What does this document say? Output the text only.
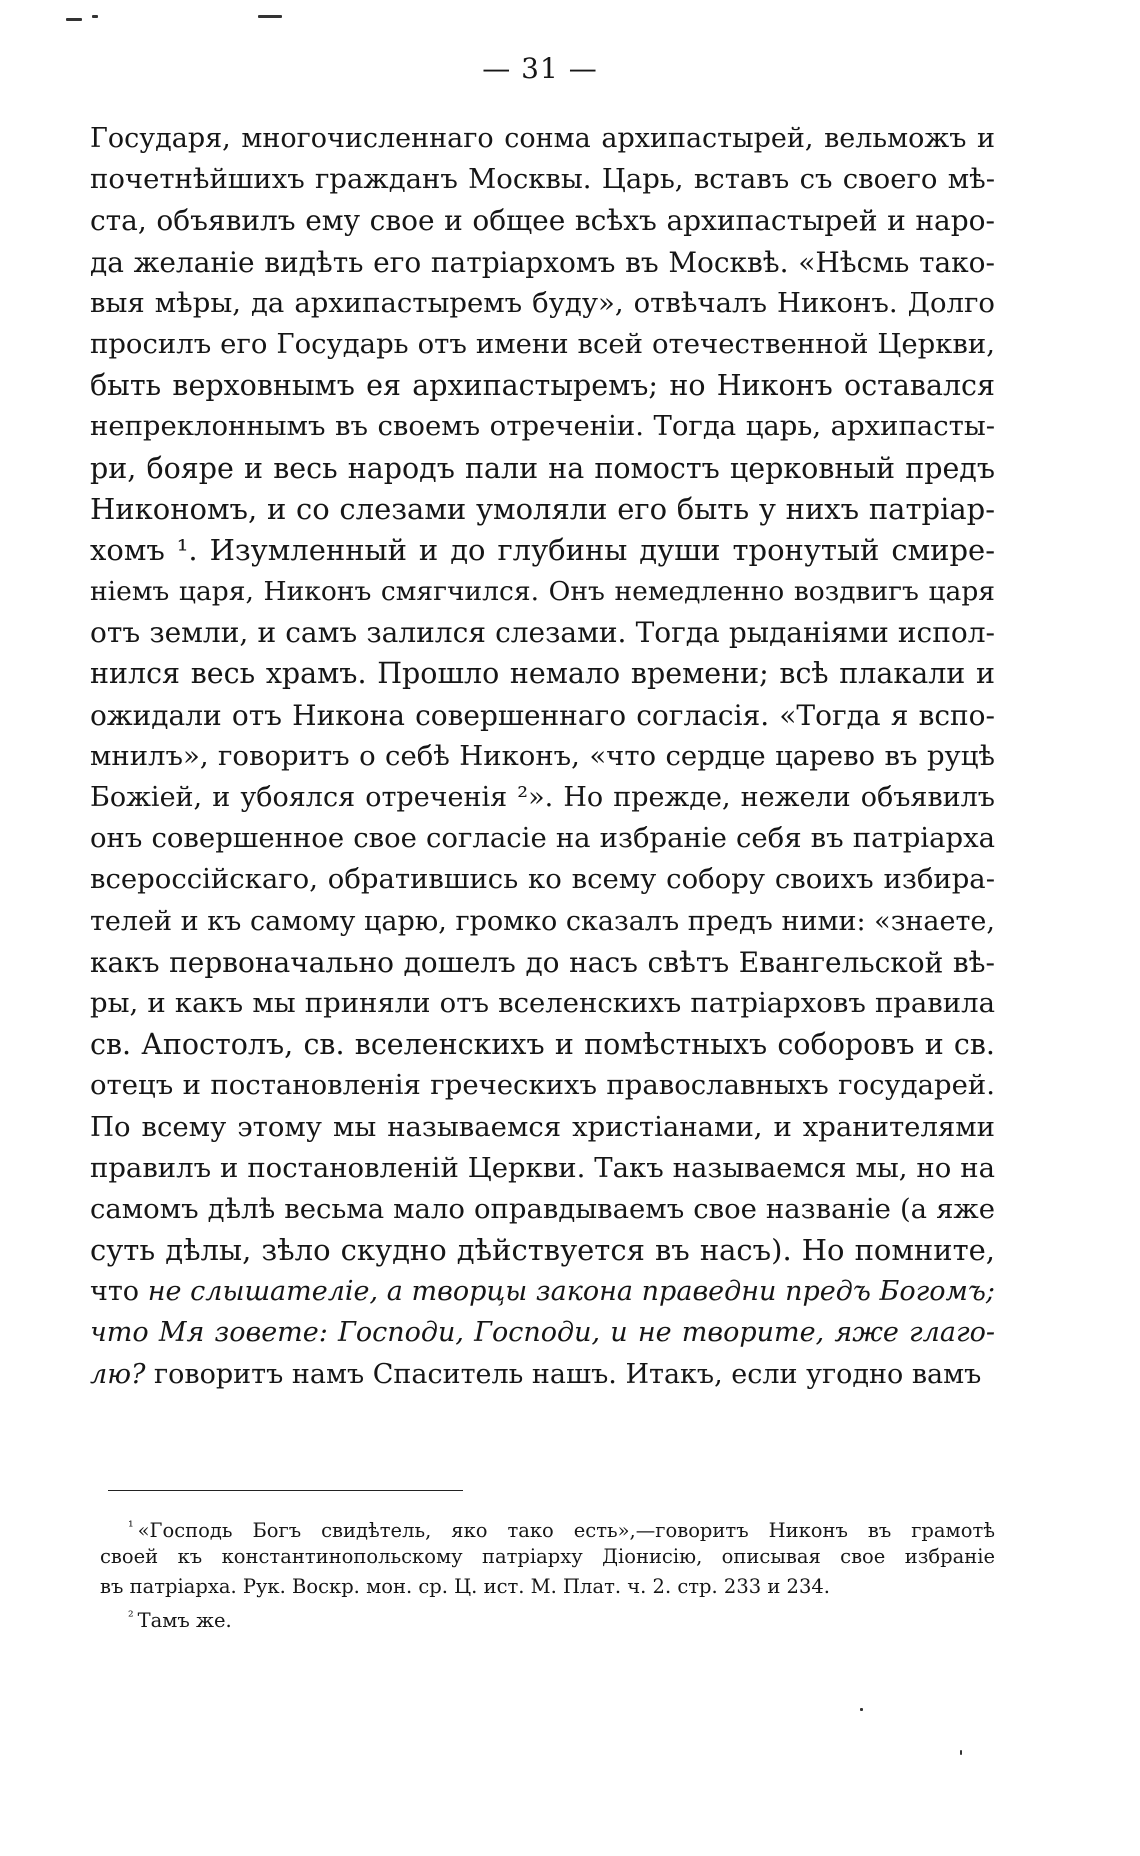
— 31 —
Государя, многочисленнаго сонма архипастырей, вельможъ и
почетнѣйшихъ гражданъ Москвы. Царь, вставъ съ своего мѣ-
ста, объявилъ ему свое и общее всѣхъ архипастырей и наро-
да желаніе видѣть его патріархомъ въ Москвѣ. «Нѣсмь тако-
выя мѣры, да архипастыремъ буду», отвѣчалъ Никонъ. Долго
просилъ его Государь отъ имени всей отечественной Церкви,
быть верховнымъ ея архипастыремъ; но Никонъ оставался
непреклоннымъ въ своемъ отреченіи. Тогда царь, архипасты-
ри, бояре и весь народъ пали на помостъ церковный предъ
Никономъ, и со слезами умоляли его быть у нихъ патріар-
хомъ ¹. Изумленный и до глубины души тронутый смире-
ніемъ царя, Никонъ смягчился. Онъ немедленно воздвигъ царя
отъ земли, и самъ залился слезами. Тогда рыданіями испол-
нился весь храмъ. Прошло немало времени; всѣ плакали и
ожидали отъ Никона совершеннаго согласія. «Тогда я вспо-
мнилъ», говоритъ о себѣ Никонъ, «что сердце царево въ руцѣ
Божіей, и убоялся отреченія ²». Но прежде, нежели объявилъ
онъ совершенное свое согласіе на избраніе себя въ патріарха
всероссійскаго, обратившись ко всему собору своихъ избира-
телей и къ самому царю, громко сказалъ предъ ними: «знаете,
какъ первоначально дошелъ до насъ свѣтъ Евангельской вѣ-
ры, и какъ мы приняли отъ вселенскихъ патріарховъ правила
св. Апостолъ, св. вселенскихъ и помѣстныхъ соборовъ и св.
отецъ и постановленія греческихъ православныхъ государей.
По всему этому мы называемся христіанами, и хранителями
правилъ и постановленій Церкви. Такъ называемся мы, но на
самомъ дѣлѣ весьма мало оправдываемъ свое названіе (а яже
суть дѣлы, зѣло скудно дѣйствуется въ насъ). Но помните,
что не слышателіе, а творцы закона праведни предъ Богомъ;
что Мя зовете: Господи, Господи, и не творите, яже глаго-
лю? говоритъ намъ Спаситель нашъ. Итакъ, если угодно вамъ
$^{^1}$ «Господь Богъ свидѣтель, яко тако есть»,—говоритъ Никонъ въ грамотѣ
своей къ константинопольскому патріарху Діонисію, описывая свое избраніе
въ патріарха. Рук. Воскр. мон. ср. Ц. ист. М. Плат. ч. 2. стр. 233 и 234.
$^{^2}$ Тамъ же.
